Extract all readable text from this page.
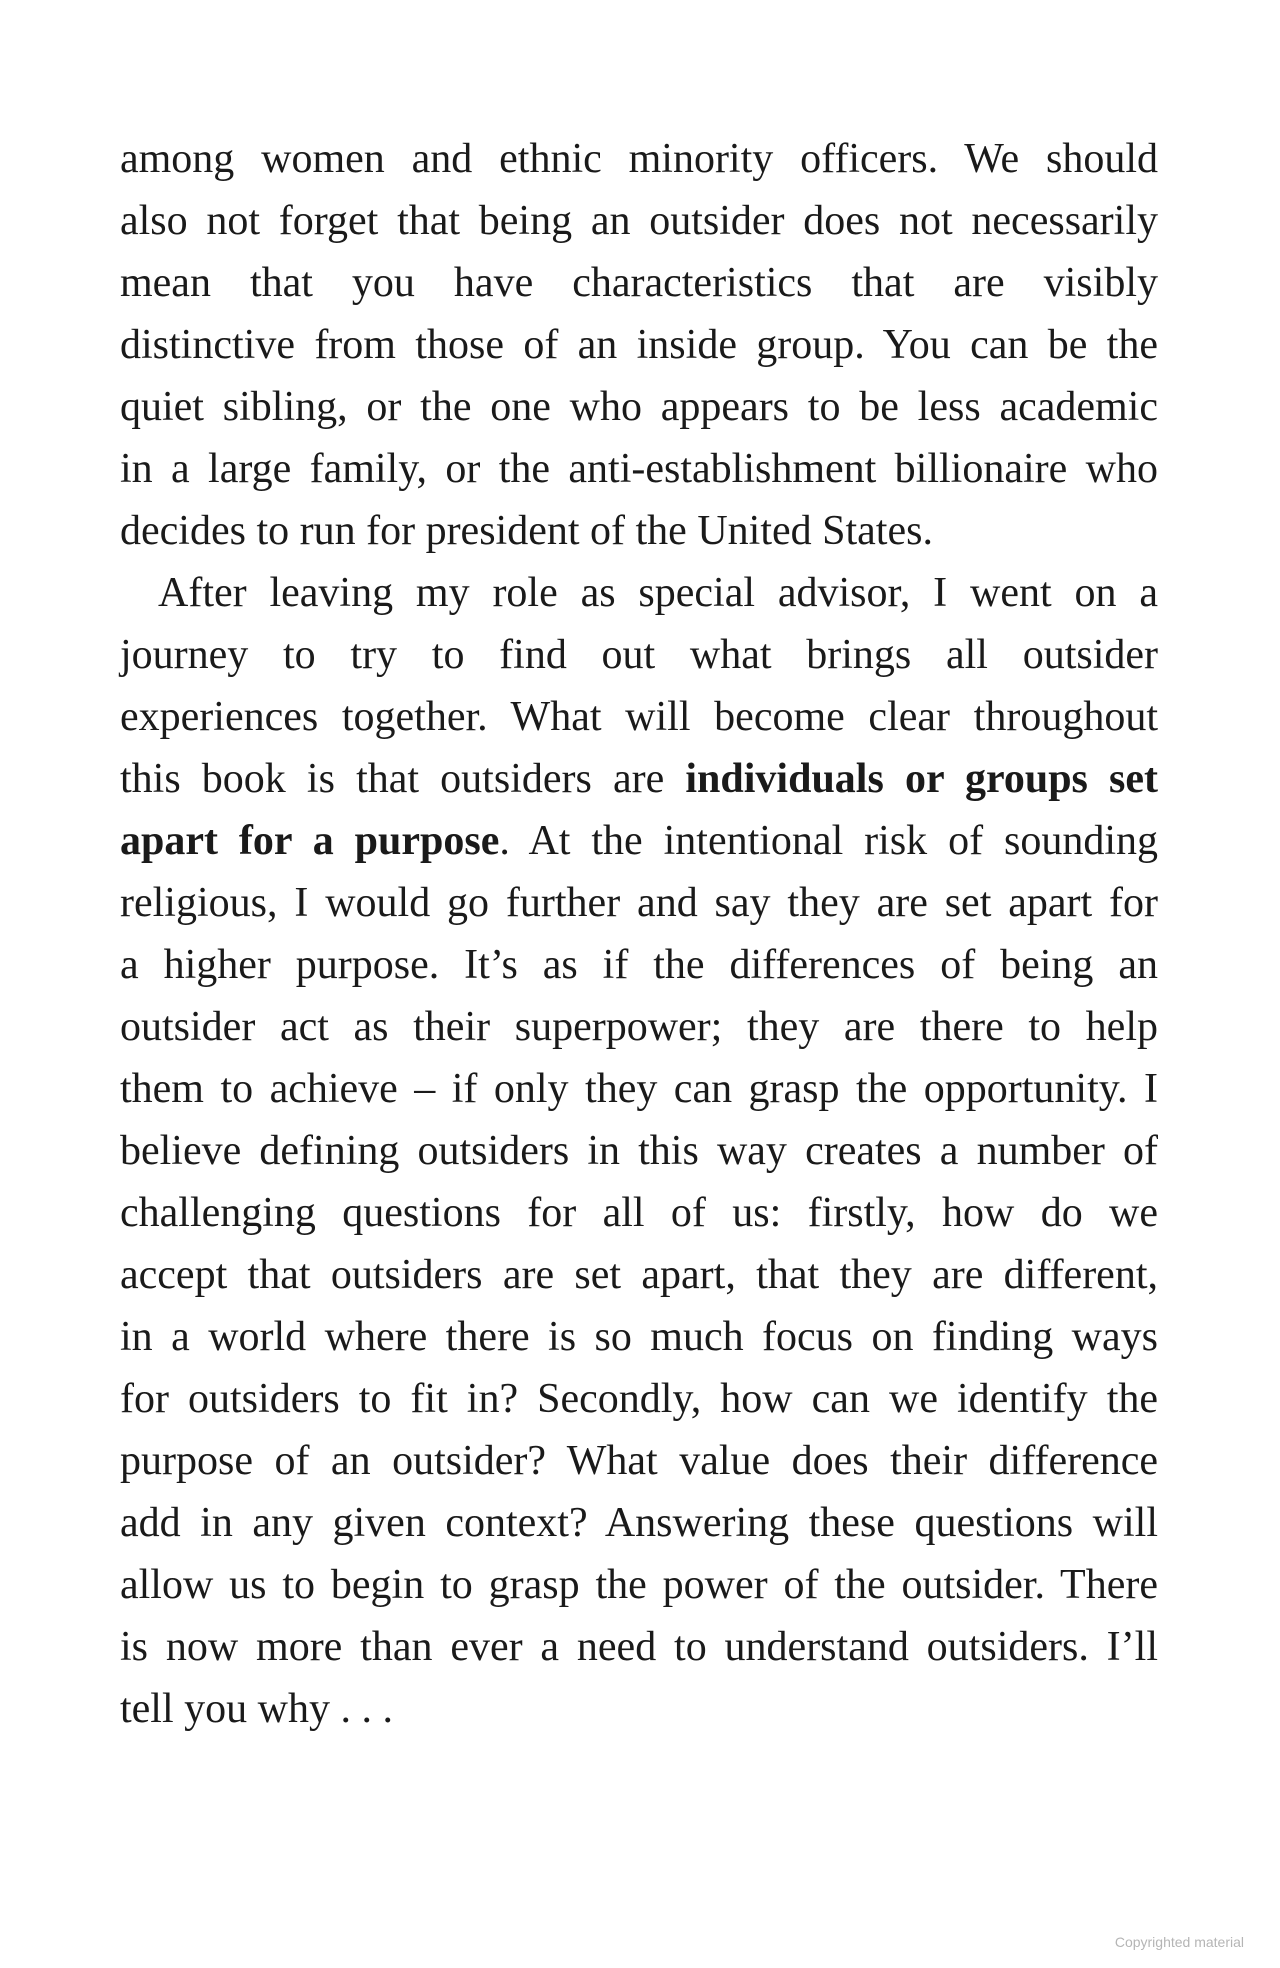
among women and ethnic minority officers. We should
also not forget that being an outsider does not necessarily
mean that you have characteristics that are visibly
distinctive from those of an inside group. You can be the
quiet sibling, or the one who appears to be less academic
in a large family, or the anti-establishment billionaire who
decides to run for president of the United States.
After leaving my role as special advisor, I went on a
journey to try to find out what brings all outsider
experiences together. What will become clear throughout
this book is that outsiders are individuals or groups set
apart for a purpose. At the intentional risk of sounding
religious, I would go further and say they are set apart for
a higher purpose. It’s as if the differences of being an
outsider act as their superpower; they are there to help
them to achieve – if only they can grasp the opportunity. I
believe defining outsiders in this way creates a number of
challenging questions for all of us: firstly, how do we
accept that outsiders are set apart, that they are different,
in a world where there is so much focus on finding ways
for outsiders to fit in? Secondly, how can we identify the
purpose of an outsider? What value does their difference
add in any given context? Answering these questions will
allow us to begin to grasp the power of the outsider. There
is now more than ever a need to understand outsiders. I’ll
tell you why . . .
Copyrighted material
